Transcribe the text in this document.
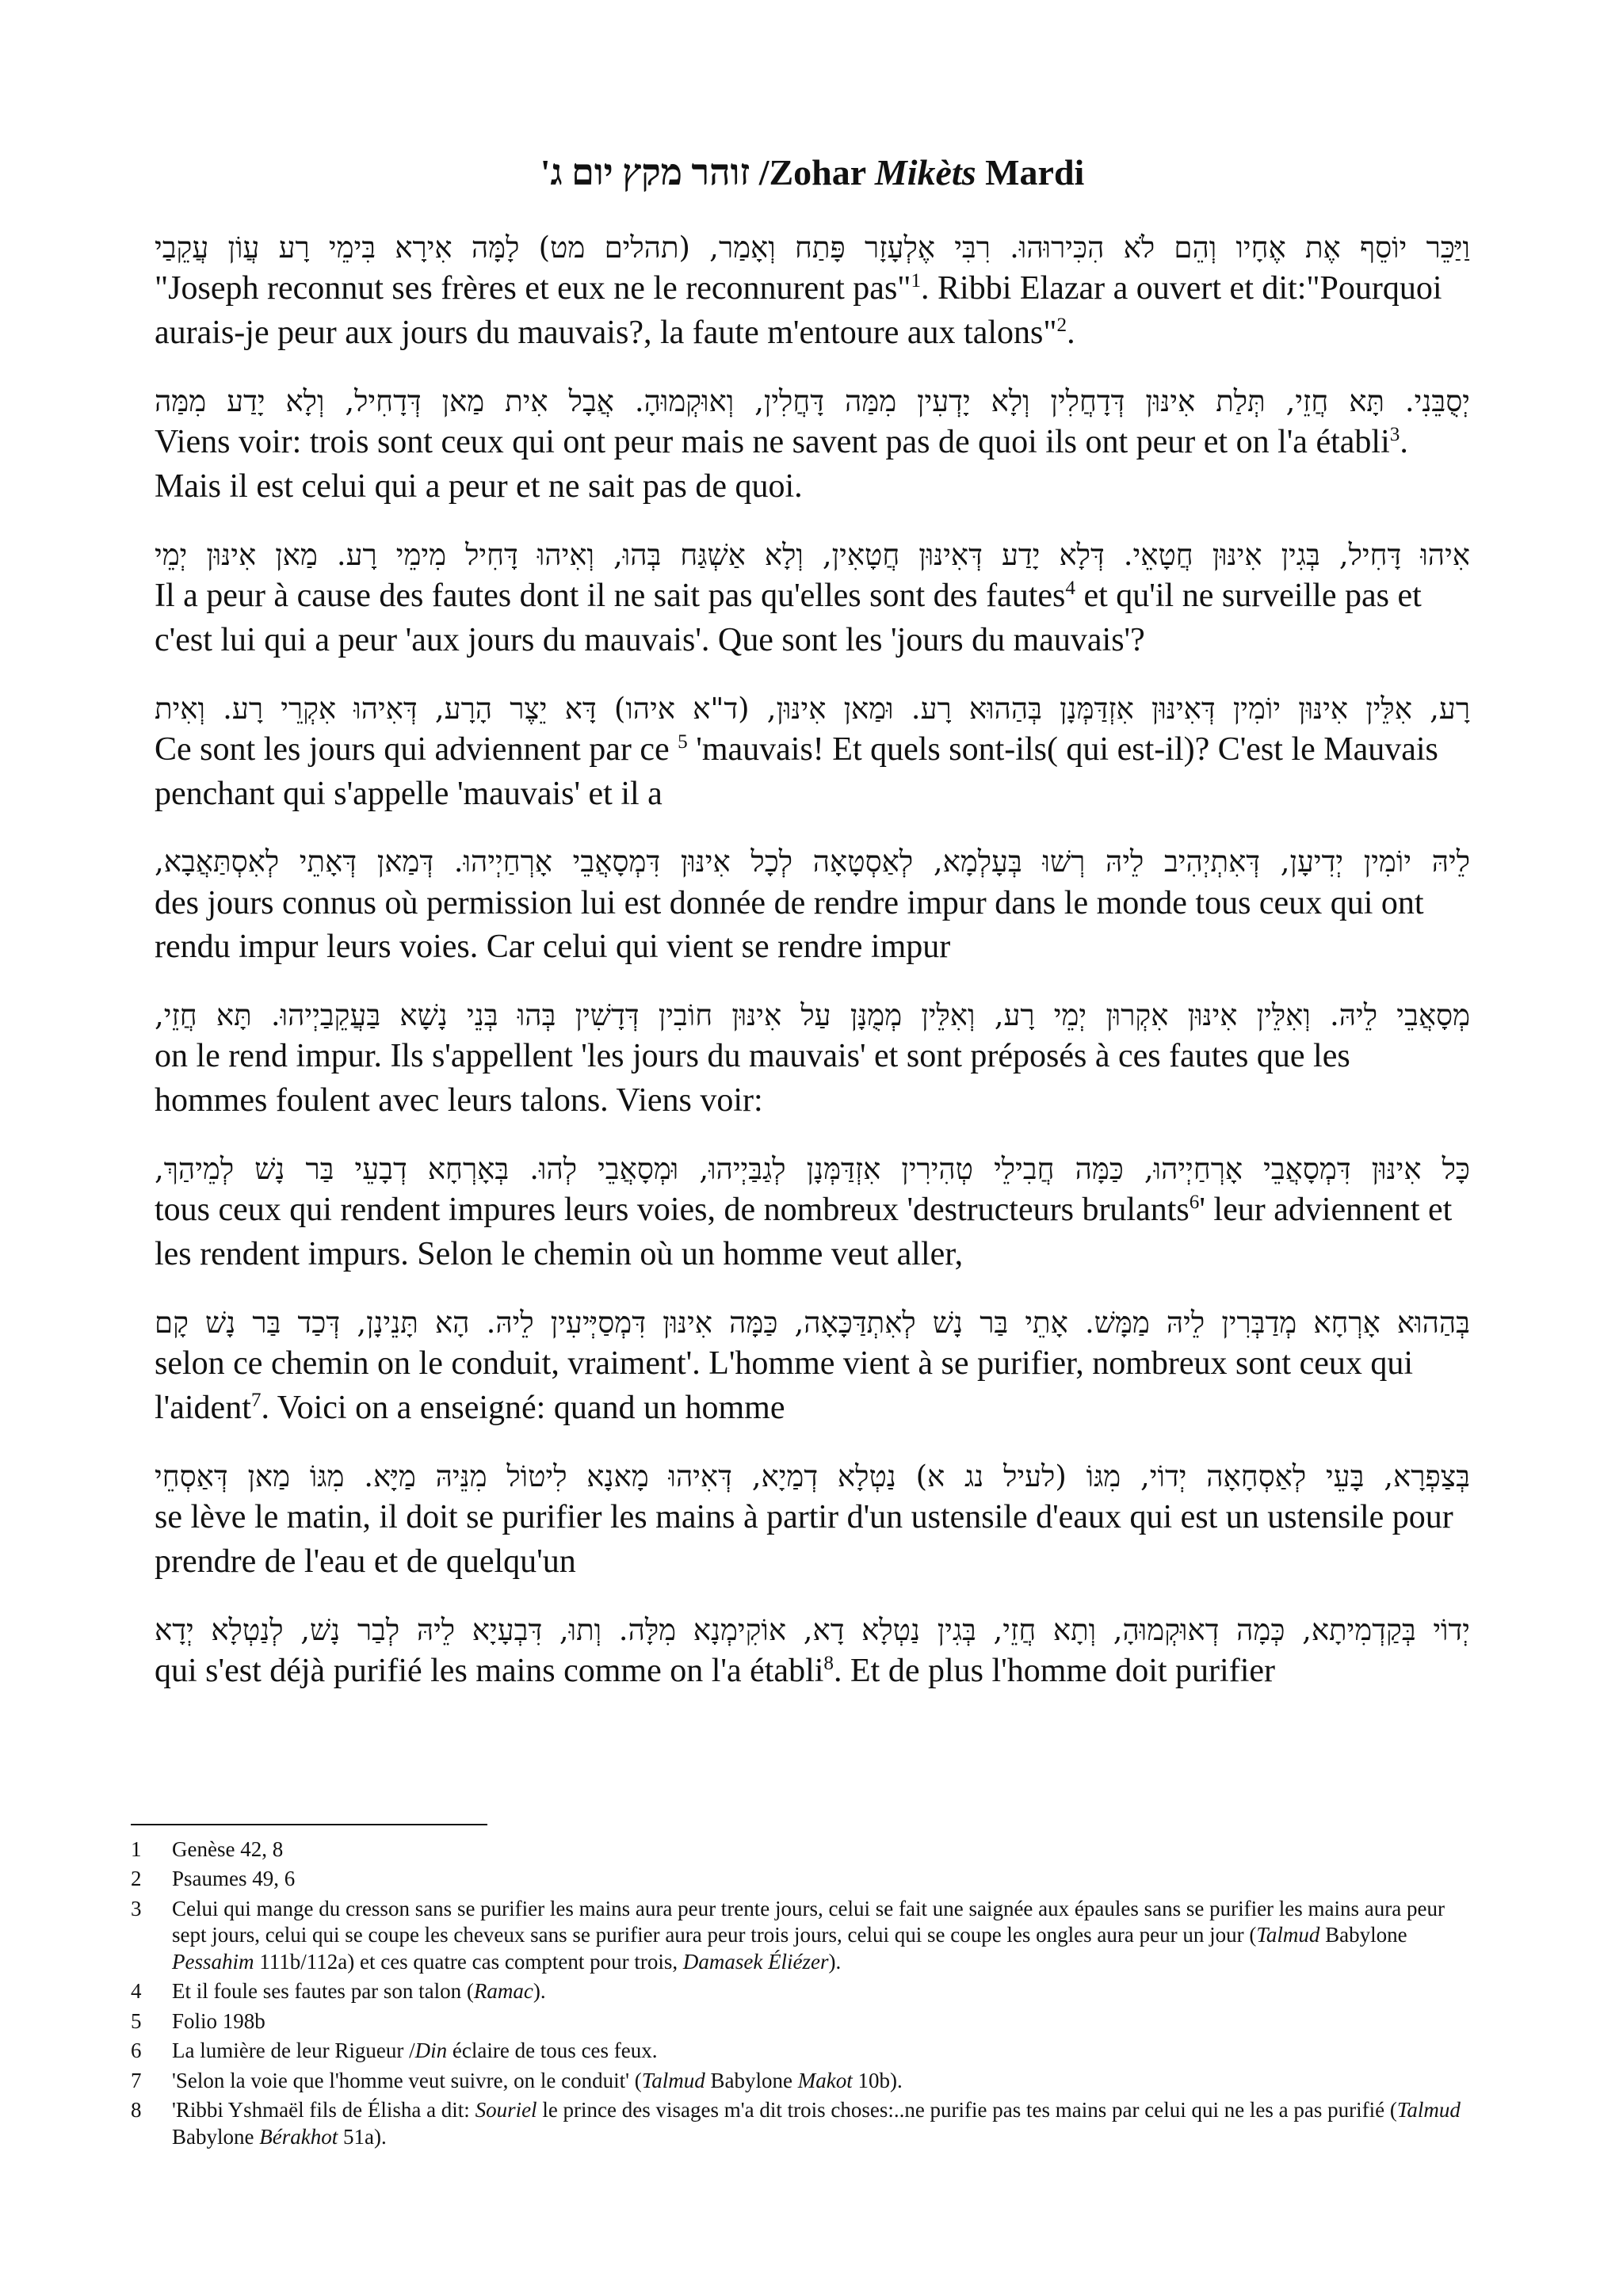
זוהר מקץ יום ג' /Zohar Mikèts Mardi
וַיַּכֵּר יוֹסֵף אֶת אֶחָיו וְהֵם לֹא הִכִּירוּהוּ. רִבִּי אֶלְעָזָר פָּתַח וְאָמַר, (תהלים מט) לָמָּה אִירָא בִּימֵי רָע עֲוֹן עֲקֵבַי
"Joseph reconnut ses frères et eux ne le reconnurent pas"$^1$. Ribbi Elazar a ouvert et dit:"Pourquoi aurais-je peur aux jours du mauvais?, la faute m'entoure aux talons"$^2$.
יְסֻבֵּנִי. תָּא חֲזֵי, תְּלַת אִינּוּן דְּדָחֲלִין וְלָא יָדְעִין מִמַּה דָּחֲלִין, וְאוּקְמוּהָ. אֲבָל אִית מַאן דְּדָחִיל, וְלָא יָדַע מִמַּה
Viens voir: trois sont ceux qui ont peur mais ne savent pas de quoi ils ont peur et on l'a établi$^3$. Mais il est celui qui a peur et ne sait pas de quoi.
אִיהוּ דָּחִיל, בְּגִין אִינּוּן חֲטָאֵי. דְּלָא יָדַע דְּאִינּוּן חֲטָאִין, וְלָא אַשְׁגַּח בְּהוּ, וְאִיהוּ דָּחִיל מִימֵי רָע. מַאן אִינּוּן יְמֵי
Il a peur à cause des fautes dont il ne sait pas qu'elles sont des fautes$^4$ et qu'il ne surveille pas et c'est lui qui a peur 'aux jours du mauvais'. Que sont les 'jours du mauvais'?
רָע, אִלֵּין אִינּוּן יוֹמִין דְּאִינּוּן אִזְדַּמְּנָן בְּהַהוּא רָע. וּמַאן אִינּוּן, (ד"א איהו) דָּא יֵצֶר הָרָע, דְּאִיהוּ אִקְרֵי רָע. וְאִית
Ce sont les jours qui adviennent par ce $^5$ 'mauvais! Et quels sont-ils( qui est-il)? C'est le Mauvais penchant qui s'appelle 'mauvais' et il a
לֵיהּ יוֹמִין יְדִיעָן, דְּאִתְיְהִיב לֵיהּ רְשׁוּ בְּעָלְמָא, לְאַסְטָאָה לְכָל אִינּוּן דִּמְסָאֲבֵי אָרְחַיְיהוּ. דְּמַאן דְּאָתֵי לְאִסְתַּאֲבָא,
des jours connus où permission lui est donnée de rendre impur dans le monde tous ceux qui ont rendu impur leurs voies. Car celui qui vient se rendre impur
מְסָאֲבֵי לֵיהּ. וְאִלֵּין אִינּוּן אִקְרוּן יְמֵי רָע, וְאִלֵּין מְמֻנָּן עַל אִינּוּן חוֹבִין דְּדָשִׁין בְּהוּ בְּנֵי נָשָׁא בַּעֲקֵבַיְיהוּ. תָּא חֲזֵי,
on le rend impur. Ils s'appellent 'les jours du mauvais' et sont préposés à ces fautes que les hommes foulent avec leurs talons. Viens voir:
כָּל אִינּוּן דִּמְסָאֲבֵי אָרְחַיְיהוּ, כַּמָּה חֲבִילֵי טְהִירִין אִזְדַּמְּנָן לְגַבַּיְיהוּ, וּמְסָאֲבֵי לְהוּ. בְּאָרְחָא דְבָעֵי בַּר נָשׁ לְמֵיהַךְ,
tous ceux qui rendent impures leurs voies, de nombreux 'destructeurs brulants$^6$' leur adviennent et les rendent impurs. Selon le chemin où un homme veut aller,
בְּהַהוּא אָרְחָא מְדַבְּרִין לֵיהּ מַמָּשׁ. אָתֵי בַּר נָשׁ לְאִתְדַּכָּאָה, כַּמָּה אִינּוּן דִּמְסַיְּיעִין לֵיהּ. הָא תָּנֵינָן, דְּכַד בַּר נָשׁ קָם
selon ce chemin on le conduit, vraiment'. L'homme vient à se purifier, nombreux sont ceux qui l'aident$^7$. Voici on a enseigné: quand un homme
בְּצַפְרָא, בָּעֵי לְאַסְחָאָה יְדוֹי, מִגּוֹ (לעיל נג א) נַטְלָא דְמַיָא, דְּאִיהוּ מָאנָא לִיטוֹל מִנֵּיהּ מַיָּא. מִגּוֹ מַאן דְּאַסְחֵי
se lève le matin, il doit se purifier les mains à partir d'un ustensile d'eaux qui est un ustensile pour prendre de l'eau et de quelqu'un
יְדוֹי בְּקַדְמִיתָא, כְּמָה דְאוּקְמוּהָ, וְתָא חֲזֵי, בְּגִין נַטְלָא דָא, אוֹקִימְנָא מִלָּה. וְתוּ, דִּבְעָיָא לֵיהּ לְבַר נָשׁ, לְנַטְלָא יְדָא
qui s'est déjà purifié les mains comme on l'a établi$^8$. Et de plus l'homme doit purifier
1	Genèse 42, 8
2	Psaumes 49, 6
3	Celui qui mange du cresson sans se purifier les mains aura peur trente jours, celui se fait une saignée aux épaules sans se purifier les mains aura peur sept jours, celui qui se coupe les cheveux sans se purifier aura peur trois jours, celui qui se coupe les ongles aura peur un jour (Talmud Babylone Pessahim 111b/112a) et ces quatre cas comptent pour trois, Damasek Éliézer).
4	Et il foule ses fautes par son talon (Ramac).
5	Folio 198b
6	La lumière de leur Rigueur /Din éclaire de tous ces feux.
7	'Selon la voie que l'homme veut suivre, on le conduit' (Talmud Babylone Makot 10b).
8	'Ribbi Yshmaël fils de Élisha a dit: Souriel le prince des visages m'a dit trois choses:..ne purifie pas tes mains par celui qui ne les a pas purifié (Talmud Babylone Bérakhot 51a).
